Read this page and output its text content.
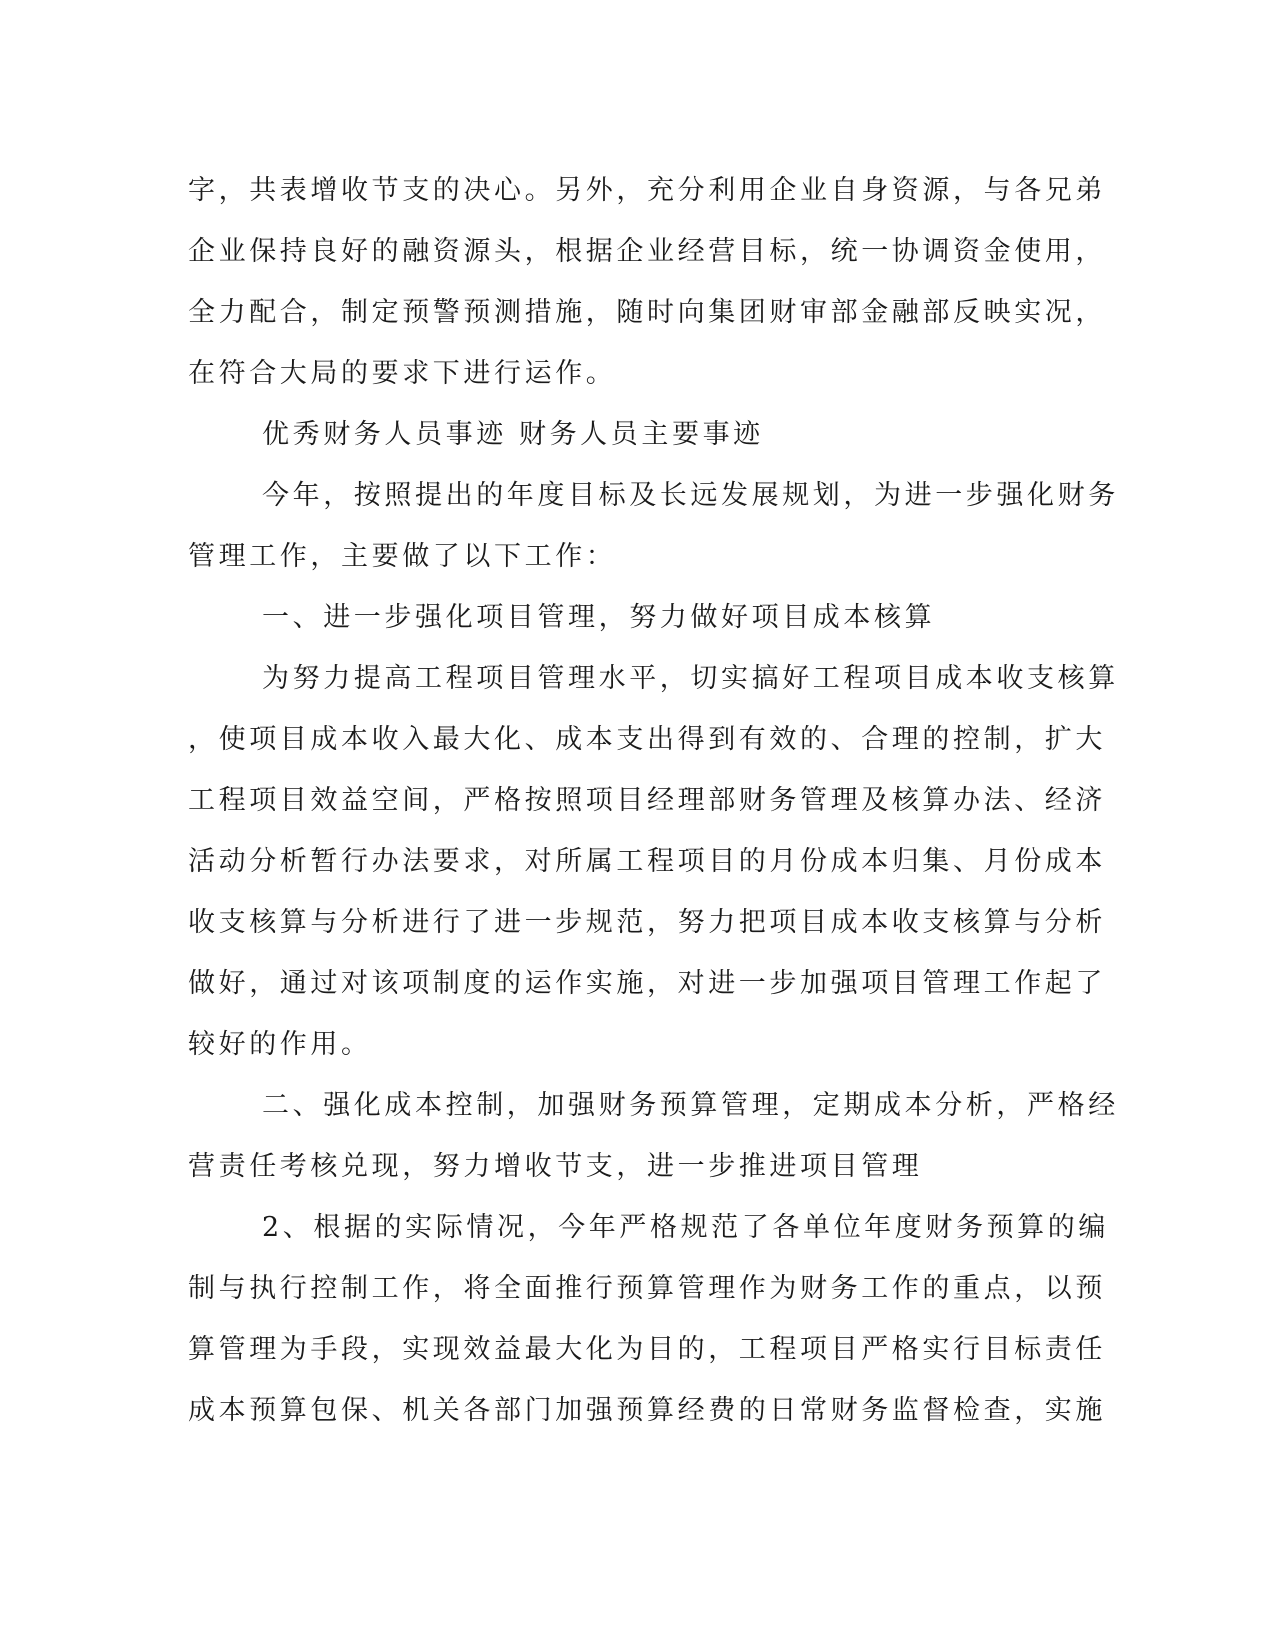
字，共表增收节支的决心。另外，充分利用企业自身资源，与各兄弟
企业保持良好的融资源头，根据企业经营目标，统一协调资金使用，
全力配合，制定预警预测措施，随时向集团财审部金融部反映实况，
在符合大局的要求下进行运作。
优秀财务人员事迹 财务人员主要事迹
今年，按照提出的年度目标及长远发展规划，为进一步强化财务
管理工作，主要做了以下工作：
一、进一步强化项目管理，努力做好项目成本核算
为努力提高工程项目管理水平，切实搞好工程项目成本收支核算
，使项目成本收入最大化、成本支出得到有效的、合理的控制，扩大
工程项目效益空间，严格按照项目经理部财务管理及核算办法、经济
活动分析暂行办法要求，对所属工程项目的月份成本归集、月份成本
收支核算与分析进行了进一步规范，努力把项目成本收支核算与分析
做好，通过对该项制度的运作实施，对进一步加强项目管理工作起了
较好的作用。
二、强化成本控制，加强财务预算管理，定期成本分析，严格经
营责任考核兑现，努力增收节支，进一步推进项目管理
2、根据的实际情况，今年严格规范了各单位年度财务预算的编
制与执行控制工作，将全面推行预算管理作为财务工作的重点，以预
算管理为手段，实现效益最大化为目的，工程项目严格实行目标责任
成本预算包保、机关各部门加强预算经费的日常财务监督检查，实施
